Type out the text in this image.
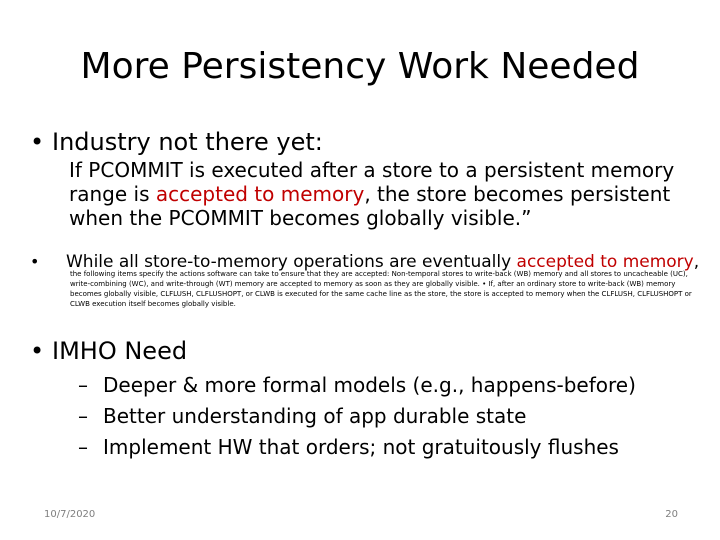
More Persistency Work Needed
• Industry not there yet:
If PCOMMIT is executed after a store to a persistent memory range is accepted to memory, the store becomes persistent when the PCOMMIT becomes globally visible.”
•	While all store-to-memory operations are eventually accepted to memory,
the following items specify the actions software can take to ensure that they are accepted: Non-temporal stores to write-back (WB) memory and all stores to uncacheable (UC), write-combining (WC), and write-through (WT) memory are accepted to memory as soon as they are globally visible. • If, after an ordinary store to write-back (WB) memory becomes globally visible, CLFLUSH, CLFLUSHOPT, or CLWB is executed for the same cache line as the store, the store is accepted to memory when the CLFLUSH, CLFLUSHOPT or CLWB execution itself becomes globally visible.
• IMHO Need
– Deeper & more formal models (e.g., happens-before)
– Better understanding of app durable state
– Implement HW that orders; not gratuitously flushes
10/7/2020	20
